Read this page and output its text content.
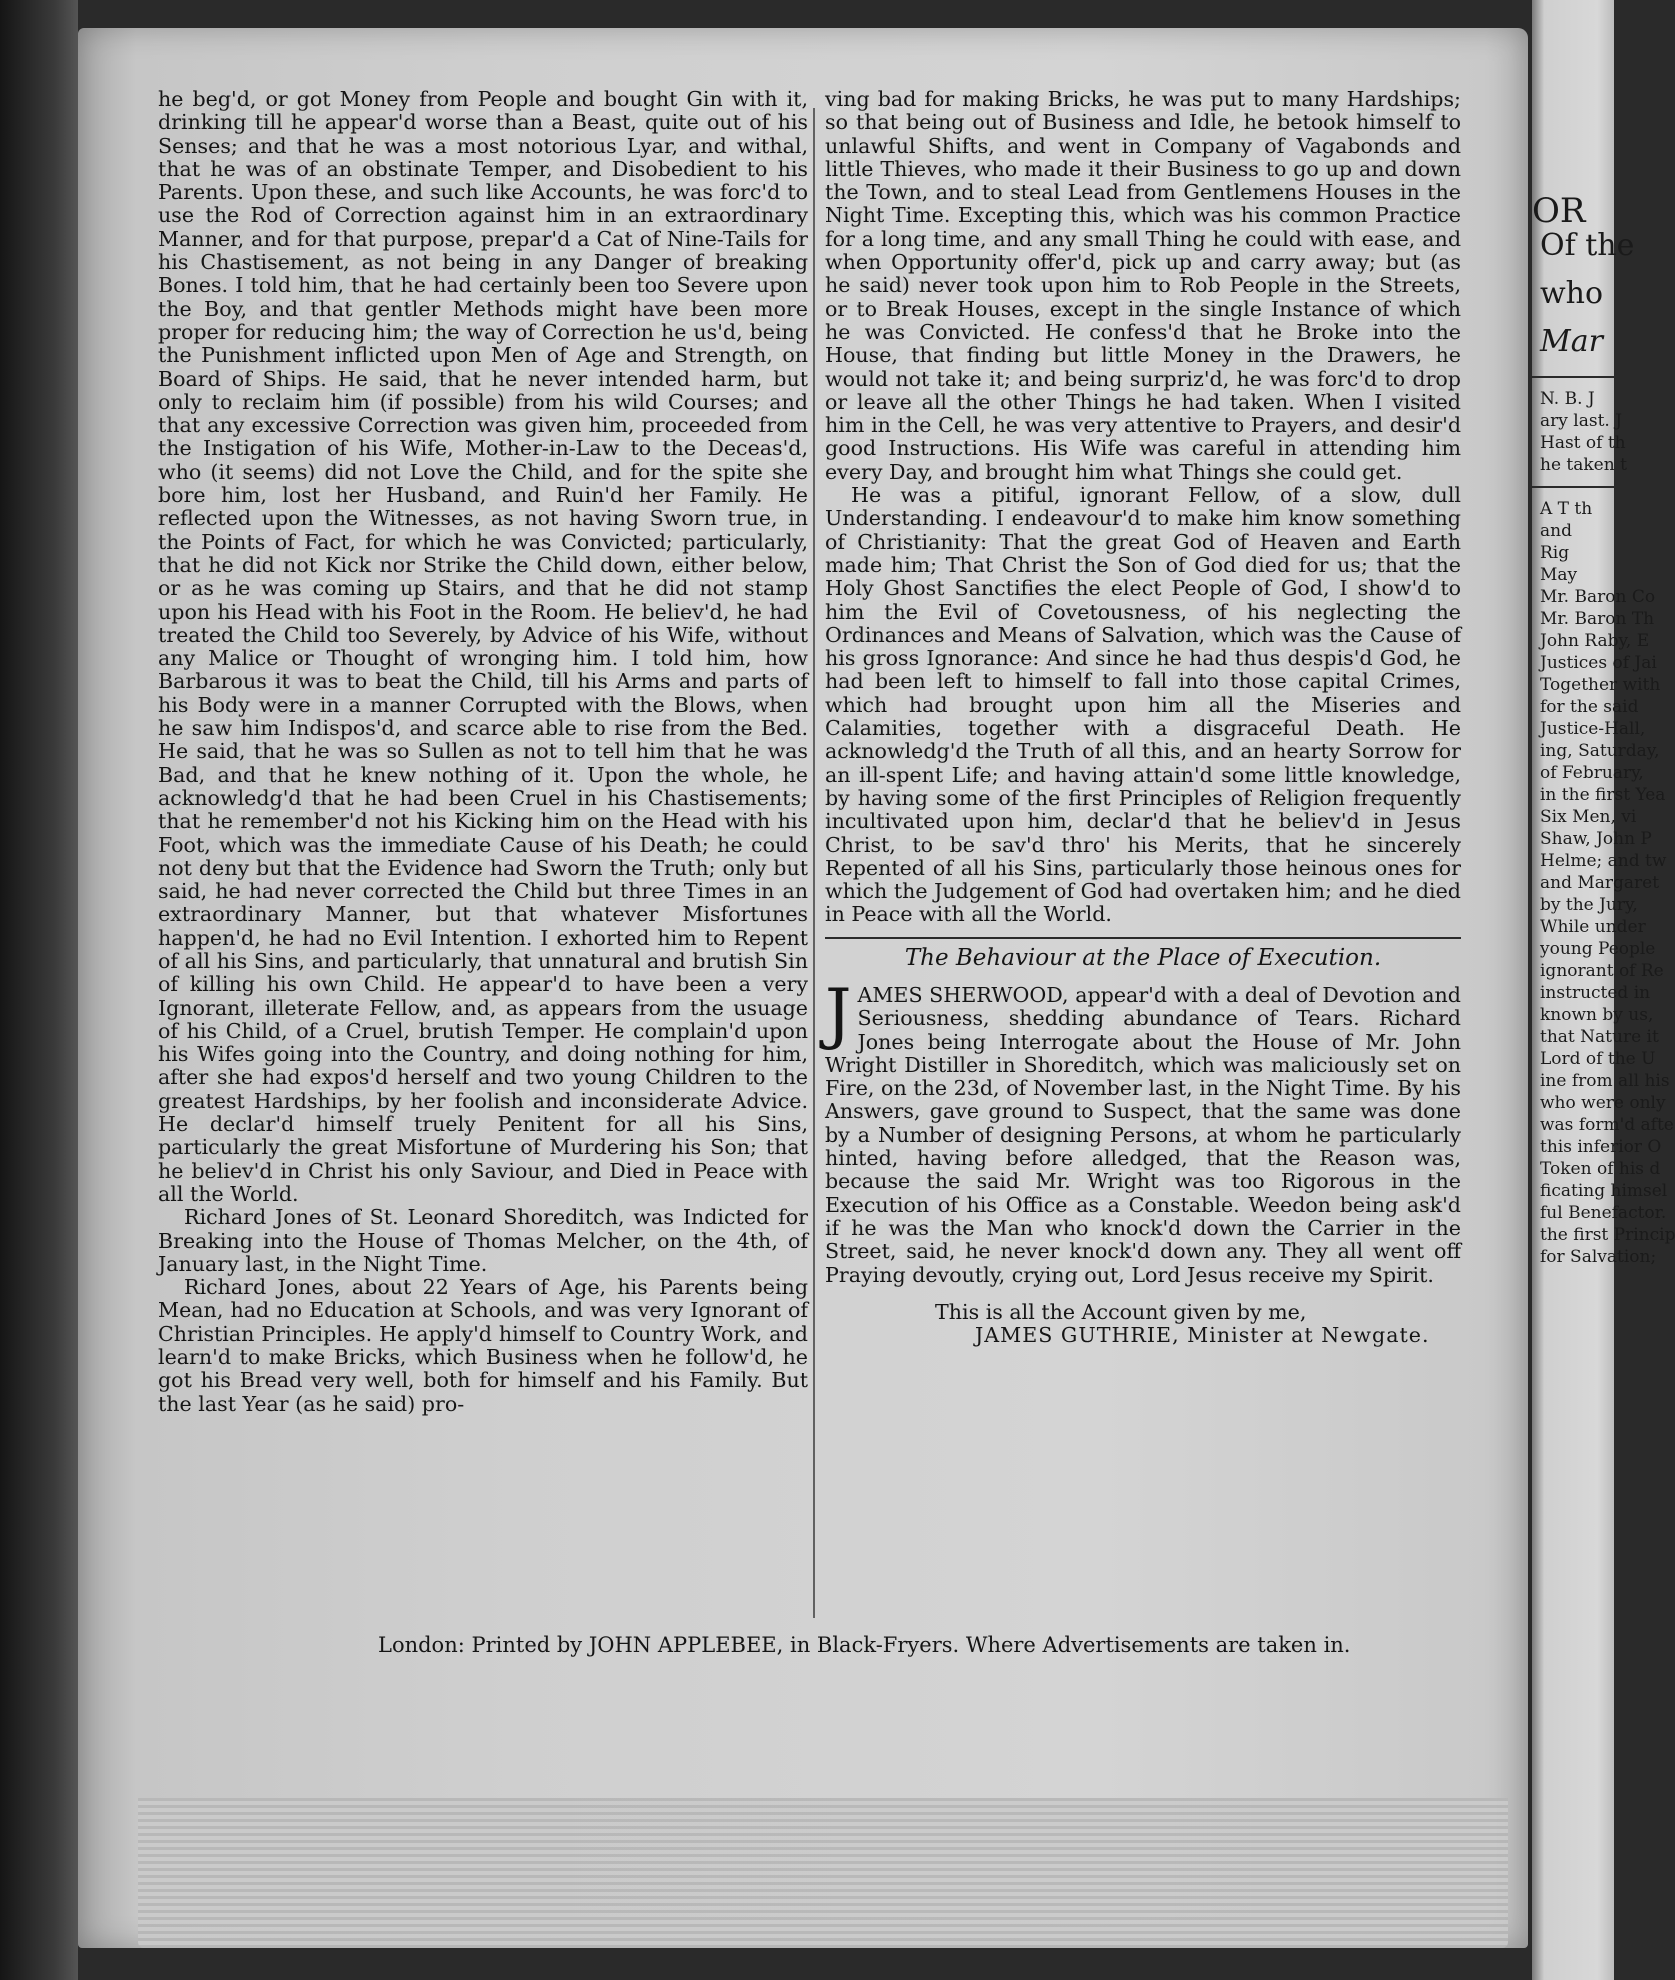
he beg'd, or got Money from People and bought Gin with it, drinking till he appear'd worse than a Beast, quite out of his Senses; and that he was a most notorious Lyar, and withal, that he was of an obstinate Temper, and Disobedient to his Parents. Upon these, and such like Accounts, he was forc'd to use the Rod of Correction against him in an extraordinary Manner, and for that purpose, prepar'd a Cat of Nine-Tails for his Chastisement, as not being in any Danger of breaking Bones. I told him, that he had certainly been too Severe upon the Boy, and that gentler Methods might have been more proper for reducing him; the way of Correction he us'd, being the Punishment inflicted upon Men of Age and Strength, on Board of Ships. He said, that he never intended harm, but only to reclaim him (if possible) from his wild Courses; and that any excessive Correction was given him, proceeded from the Instigation of his Wife, Mother-in-Law to the Deceas'd, who (it seems) did not Love the Child, and for the spite she bore him, lost her Husband, and Ruin'd her Family. He reflected upon the Witnesses, as not having Sworn true, in the Points of Fact, for which he was Convicted; particularly, that he did not Kick nor Strike the Child down, either below, or as he was coming up Stairs, and that he did not stamp upon his Head with his Foot in the Room. He believ'd, he had treated the Child too Severely, by Advice of his Wife, without any Malice or Thought of wronging him. I told him, how Barbarous it was to beat the Child, till his Arms and parts of his Body were in a manner Corrupted with the Blows, when he saw him Indispos'd, and scarce able to rise from the Bed. He said, that he was so Sullen as not to tell him that he was Bad, and that he knew nothing of it. Upon the whole, he acknowledg'd that he had been Cruel in his Chastisements; that he remember'd not his Kicking him on the Head with his Foot, which was the immediate Cause of his Death; he could not deny but that the Evidence had Sworn the Truth; only but said, he had never corrected the Child but three Times in an extraordinary Manner, but that whatever Misfortunes happen'd, he had no Evil Intention. I exhorted him to Repent of all his Sins, and particularly, that unnatural and brutish Sin of killing his own Child. He appear'd to have been a very Ignorant, illeterate Fellow, and, as appears from the usuage of his Child, of a Cruel, brutish Temper. He complain'd upon his Wifes going into the Country, and doing nothing for him, after she had expos'd herself and two young Children to the greatest Hardships, by her foolish and inconsiderate Advice. He declar'd himself truely Penitent for all his Sins, particularly the great Misfortune of Murdering his Son; that he believ'd in Christ his only Saviour, and Died in Peace with all the World.

Richard Jones of St. Leonard Shoreditch, was Indicted for Breaking into the House of Thomas Melcher, on the 4th, of January last, in the Night Time.

Richard Jones, about 22 Years of Age, his Parents being Mean, had no Education at Schools, and was very Ignorant of Christian Principles. He apply'd himself to Country Work, and learn'd to make Bricks, which Business when he follow'd, he got his Bread very well, both for himself and his Family. But the last Year (as he said) pro-

ving bad for making Bricks, he was put to many Hardships; so that being out of Business and Idle, he betook himself to unlawful Shifts, and went in Company of Vagabonds and little Thieves, who made it their Business to go up and down the Town, and to steal Lead from Gentlemens Houses in the Night Time. Excepting this, which was his common Practice for a long time, and any small Thing he could with ease, and when Opportunity offer'd, pick up and carry away; but (as he said) never took upon him to Rob People in the Streets, or to Break Houses, except in the single Instance of which he was Convicted. He confess'd that he Broke into the House, that finding but little Money in the Drawers, he would not take it; and being surpriz'd, he was forc'd to drop or leave all the other Things he had taken. When I visited him in the Cell, he was very attentive to Prayers, and desir'd good Instructions. His Wife was careful in attending him every Day, and brought him what Things she could get.

He was a pitiful, ignorant Fellow, of a slow, dull Understanding. I endeavour'd to make him know something of Christianity: That the great God of Heaven and Earth made him; That Christ the Son of God died for us; that the Holy Ghost Sanctifies the elect People of God, I show'd to him the Evil of Covetousness, of his neglecting the Ordinances and Means of Salvation, which was the Cause of his gross Ignorance: And since he had thus despis'd God, he had been left to himself to fall into those capital Crimes, which had brought upon him all the Miseries and Calamities, together with a disgraceful Death. He acknowledg'd the Truth of all this, and an hearty Sorrow for an ill-spent Life; and having attain'd some little knowledge, by having some of the first Principles of Religion frequently incultivated upon him, declar'd that he believ'd in Jesus Christ, to be sav'd thro' his Merits, that he sincerely Repented of all his Sins, particularly those heinous ones for which the Judgement of God had overtaken him; and he died in Peace with all the World.

The Behaviour at the Place of Execution.

JAMES SHERWOOD, appear'd with a deal of Devotion and Seriousness, shedding abundance of Tears. Richard Jones being Interrogate about the House of Mr. John Wright Distiller in Shoreditch, which was maliciously set on Fire, on the 23d, of November last, in the Night Time. By his Answers, gave ground to Suspect, that the same was done by a Number of designing Persons, at whom he particularly hinted, having before alledged, that the Reason was, because the said Mr. Wright was too Rigorous in the Execution of his Office as a Constable. Weedon being ask'd if he was the Man who knock'd down the Carrier in the Street, said, he never knock'd down any. They all went off Praying devoutly, crying out, Lord Jesus receive my Spirit.

This is all the Account given by me,
JAMES GUTHRIE, Minister at Newgate.
London: Printed by JOHN APPLEBEE, in Black-Fryers. Where Advertisements are taken in.

OR

Of the

who

Mar

N. B. J

ary last. J

Hast of th

he taken t

A T th

and

Rig

May

Mr. Baron Co

Mr. Baron Th

John Raby, E

Justices of Jai

Together with

for the said

Justice-Hall,

ing, Saturday,

of February,

in the first Yea

Six Men, vi

Shaw, John P

Helme; and tw

and Margaret

by the Jury,

While under

young People

ignorant of Re

instructed in

known by us,

that Nature it

Lord of the U

ine from all his

who were only

was form'd afte

this inferior O

Token of his d

ficating himsel

ful Benefactor.

the first Princip

for Salvation;
